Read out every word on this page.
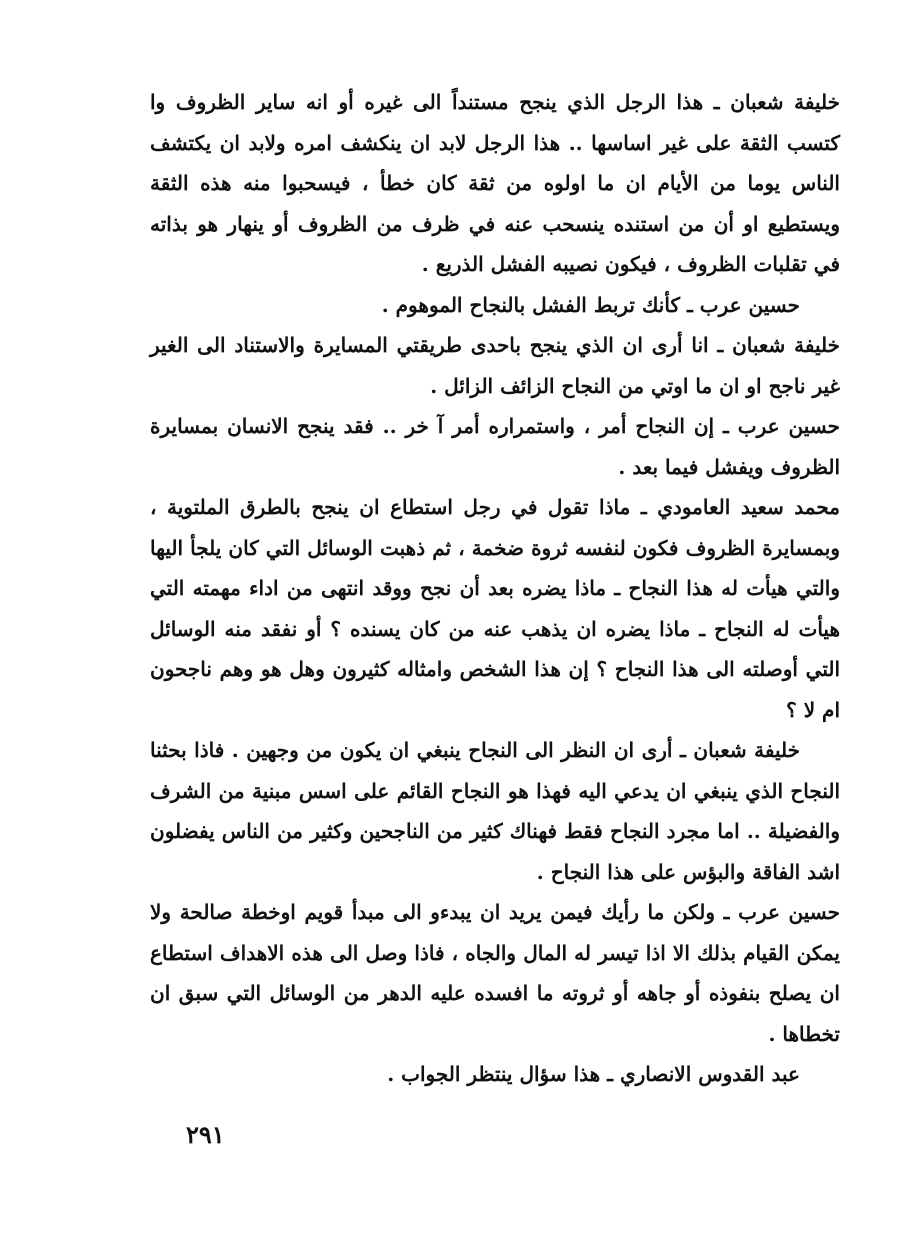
خليفة شعبان ـ هذا الرجل الذي ينجح مستنداً الى غيره أو انه ساير الظروف وا كتسب الثقة على غير اساسها .. هذا الرجل لابد ان ينكشف امره ولابد ان يكتشف الناس يوما من الأيام ان ما اولوه من ثقة كان خطأ ، فيسحبوا منه هذه الثقة ويستطيع او أن من استنده ينسحب عنه في ظرف من الظروف أو ينهار هو بذاته في تقلبات الظروف ، فيكون نصيبه الفشل الذريع .

حسين عرب ـ كأنك تربط الفشل بالنجاح الموهوم .

خليفة شعبان ـ انا أرى ان الذي ينجح باحدى طريقتي المسايرة والاستناد الى الغير غير ناجح او ان ما اوتي من النجاح الزائف الزائل .

حسين عرب ـ إن النجاح أمر ، واستمراره أمر آ خر .. فقد ينجح الانسان بمسايرة الظروف ويفشل فيما بعد .

محمد سعيد العامودي ـ ماذا تقول في رجل استطاع ان ينجح بالطرق الملتوية ، وبمسايرة الظروف فكون لنفسه ثروة ضخمة ، ثم ذهبت الوسائل التي كان يلجأ اليها والتي هيأت له هذا النجاح ـ ماذا يضره بعد أن نجح ووقد انتهى من اداء مهمته التي هيأت له النجاح ـ ماذا يضره ان يذهب عنه من كان يسنده ؟ أو نفقد منه الوسائل التي أوصلته الى هذا النجاح ؟ إن هذا الشخص وامثاله كثيرون وهل هو وهم ناجحون ام لا ؟

خليفة شعبان ـ أرى ان النظر الى النجاح ينبغي ان يكون من وجهين . فاذا بحثنا النجاح الذي ينبغي ان يدعي اليه فهذا هو النجاح القائم على اسس مبنية من الشرف والفضيلة .. اما مجرد النجاح فقط فهناك كثير من الناجحين وكثير من الناس يفضلون اشد الفاقة والبؤس على هذا النجاح .

حسين عرب ـ ولكن ما رأيك فيمن يريد ان يبدءو الى مبدأ قويم اوخطة صالحة ولا يمكن القيام بذلك الا اذا تيسر له المال والجاه ، فاذا وصل الى هذه الاهداف استطاع ان يصلح بنفوذه أو جاهه أو ثروته ما افسده عليه الدهر من الوسائل التي سبق ان تخطاها .

عبد القدوس الانصاري ـ هذا سؤال ينتظر الجواب .

٢٩١
